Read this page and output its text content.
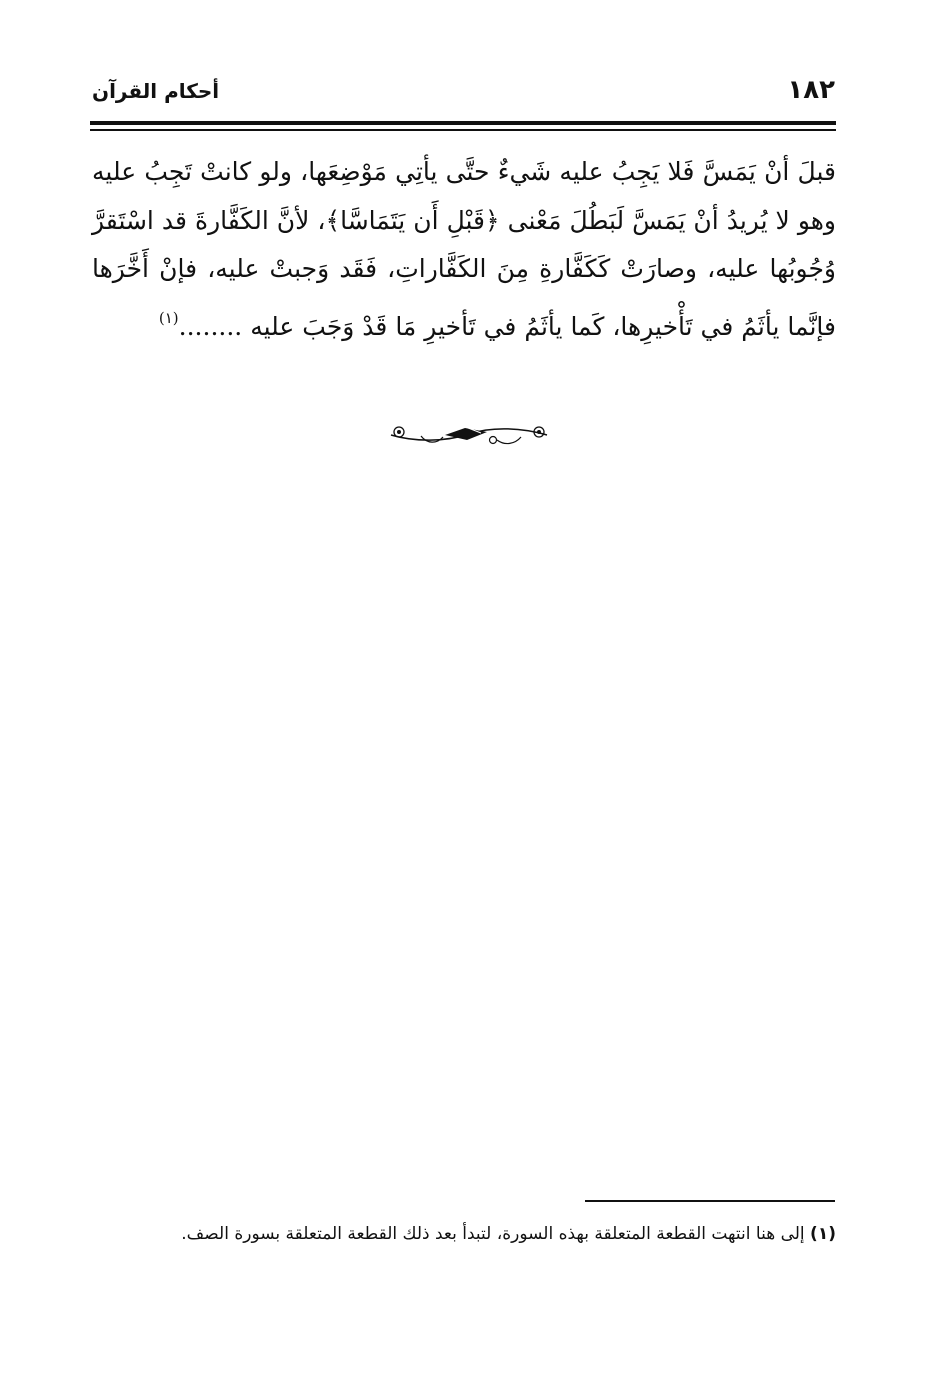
١٨٢
أحكام القرآن

قبلَ أنْ يَمَسَّ فَلا يَجِبُ عليه شَيءٌ حتَّى يأتِي مَوْضِعَها، ولو كانتْ تَجِبُ عليه وهو لا يُريدُ أنْ يَمَسَّ لَبَطُلَ مَعْنى ﴿قَبْلِ أَن يَتَمَاسَّا﴾، لأنَّ الكَفَّارةَ قد اسْتَقرَّ وُجُوبُها عليه، وصارَتْ كَكَفَّارةِ مِنَ الكَفَّاراتِ، فَقَد وَجبتْ عليه، فإنْ أَخَّرَها فإنَّما يأثَمُ في تَأْخيرِها، كَما يأثَمُ في تَأخيرِ مَا قَدْ وَجَبَ عليه ........$^{(١)}$

(١) إلى هنا انتهت القطعة المتعلقة بهذه السورة، لتبدأ بعد ذلك القطعة المتعلقة بسورة الصف.
